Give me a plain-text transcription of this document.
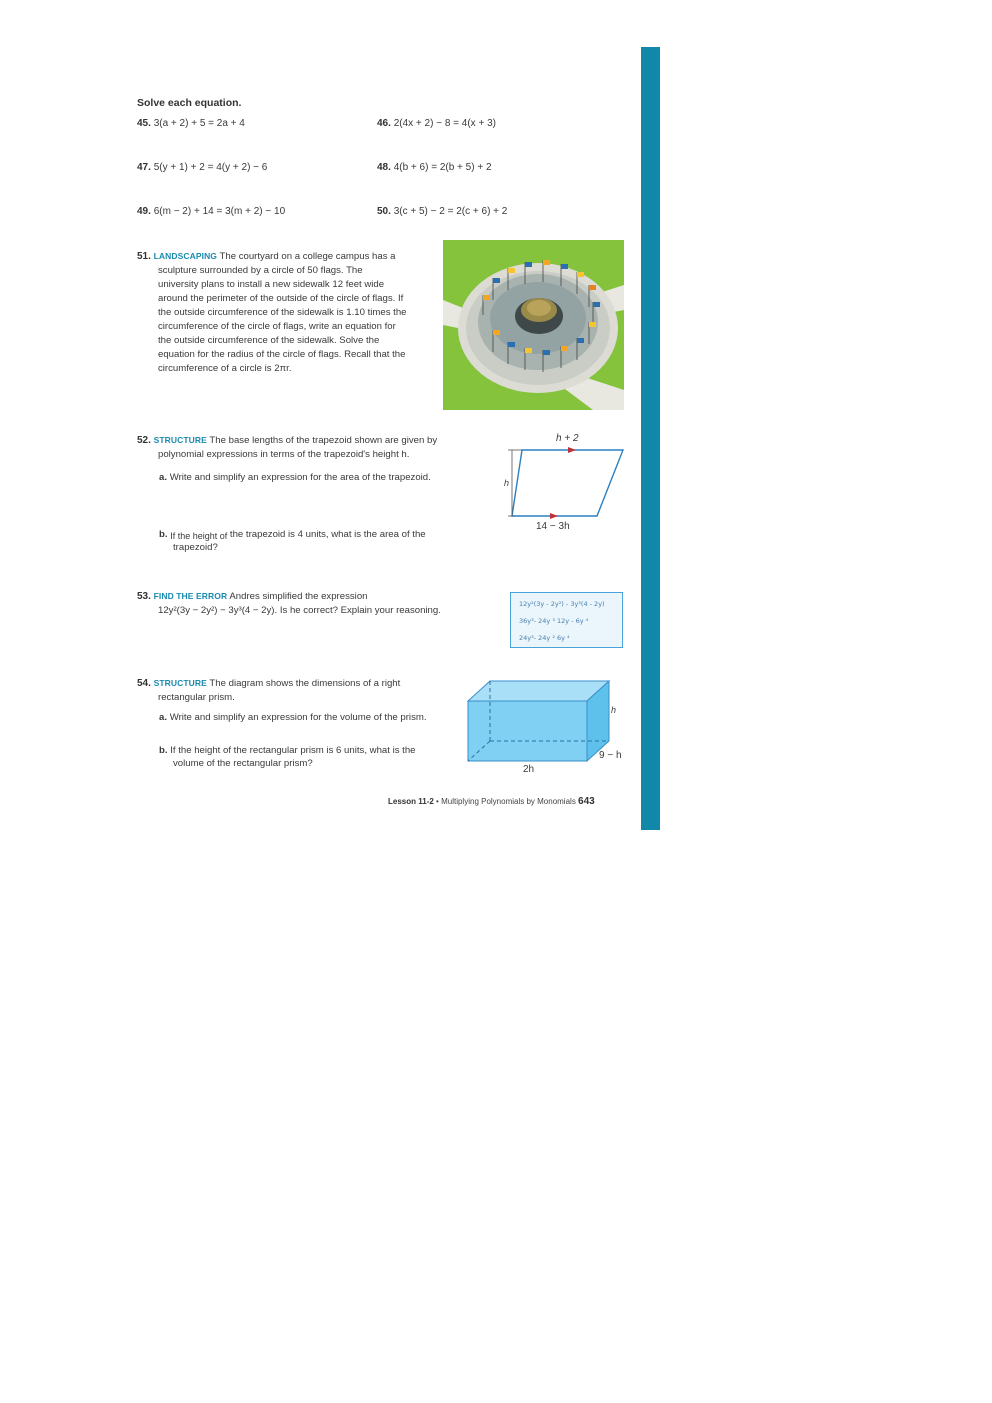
Solve each equation.
45. 3(a + 2) + 5 = 2a + 4	46. 2(4x + 2) − 8 = 4(x + 3)
47. 5(y + 1) + 2 = 4(y + 2) − 6	48. 4(b + 6) = 2(b + 5) + 2
49. 6(m − 2) + 14 = 3(m + 2) − 10	50. 3(c + 5) − 2 = 2(c + 6) + 2
51. LANDSCAPING The courtyard on a college campus has a
sculpture surrounded by a circle of 50 flags. The
university plans to install a new sidewalk 12 feet wide
around the perimeter of the outside of the circle of flags. If
the outside circumference of the sidewalk is 1.10 times the
circumference of the circle of flags, write an equation for
the outside circumference of the sidewalk. Solve the
equation for the radius of the circle of flags. Recall that the
circumference of a circle is 2πr.
52. STRUCTURE The base lengths of the trapezoid shown are given by
polynomial expressions in terms of the trapezoid's height h.
a. Write and simplify an expression for the area of the trapezoid.
b. If the height of the trapezoid is 4 units, what is the area of the
trapezoid?
h + 2
h
14 − 3h
53. FIND THE ERROR Andres simplified the expression
12y²(3y − 2y²) − 3y³(4 − 2y). Is he correct? Explain your reasoning.
12y²(3y - 2y²) - 3y³(4 - 2y)
36y³- 24y ³ 12y - 6y ⁴
24y³- 24y ² 6y ⁴
54. STRUCTURE The diagram shows the dimensions of a right
rectangular prism.
a. Write and simplify an expression for the volume of the prism.
b. If the height of the rectangular prism is 6 units, what is the
volume of the rectangular prism?
h
9 − h
2h
Lesson 11-2 • Multiplying Polynomials by Monomials 643
